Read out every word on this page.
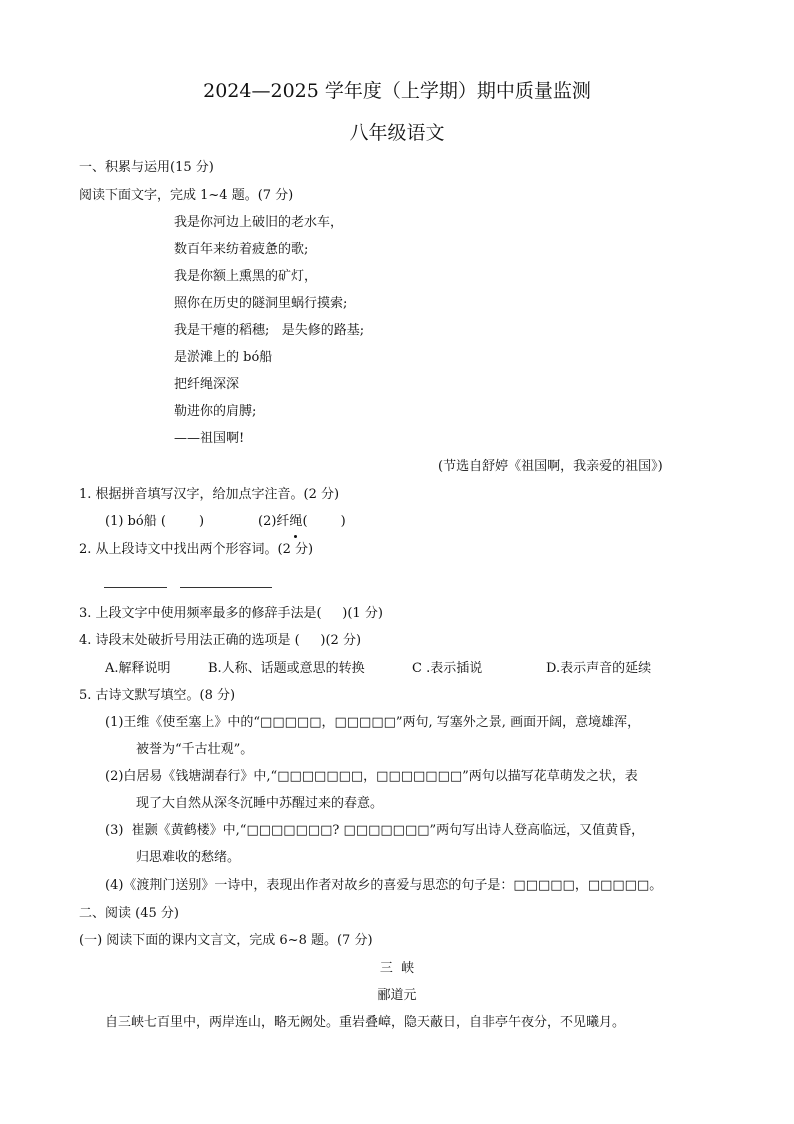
2024—2025 学年度（上学期）期中质量监测
八年级语文
一、积累与运用(15 分)
阅读下面文字，完成 1~4 题。(7 分)
我是你河边上破旧的老水车，
数百年来纺着疲惫的歌;
我是你额上熏黑的矿灯，
照你在历史的隧洞里蜗行摸索;
我是干瘪的稻穗;   是失修的路基;
是淤滩上的 bó船
把纤绳深深
勒进你的肩膊;
——祖国啊!
(节选自舒婷《祖国啊，我亲爱的祖国》)
1. 根据拼音填写汉字，给加点字注音。(2 分)
(1) bó船 (        )	(2)纤绳(        )
2. 从上段诗文中找出两个形容词。(2 分)
3. 上段文字中使用频率最多的修辞手法是(     )(1 分)
4. 诗段末处破折号用法正确的选项是 (     )(2 分)
A.解释说明	B.人称、话题或意思的转换	C .表示插说	D.表示声音的延续
5. 古诗文默写填空。(8 分)
(1)王维《使至塞上》中的“□□□□□，□□□□□”两句, 写塞外之景, 画面开阔，意境雄浑，
被誉为“千古壮观”。
(2)白居易《钱塘湖春行》中,“□□□□□□□，□□□□□□□”两句以描写花草萌发之状，表
现了大自然从深冬沉睡中苏醒过来的春意。
(3)  崔颢《黄鹤楼》中,“□□□□□□□? □□□□□□□”两句写出诗人登高临远，又值黄昏，
归思难收的愁绪。
(4)《渡荆门送别》一诗中，表现出作者对故乡的喜爱与思恋的句子是：□□□□□，□□□□□。
二、阅读 (45 分)
(一) 阅读下面的课内文言文，完成 6~8 题。(7 分)
三  峡
郦道元
自三峡七百里中，两岸连山，略无阙处。重岩叠嶂，隐天蔽日，自非亭午夜分，不见曦月。
